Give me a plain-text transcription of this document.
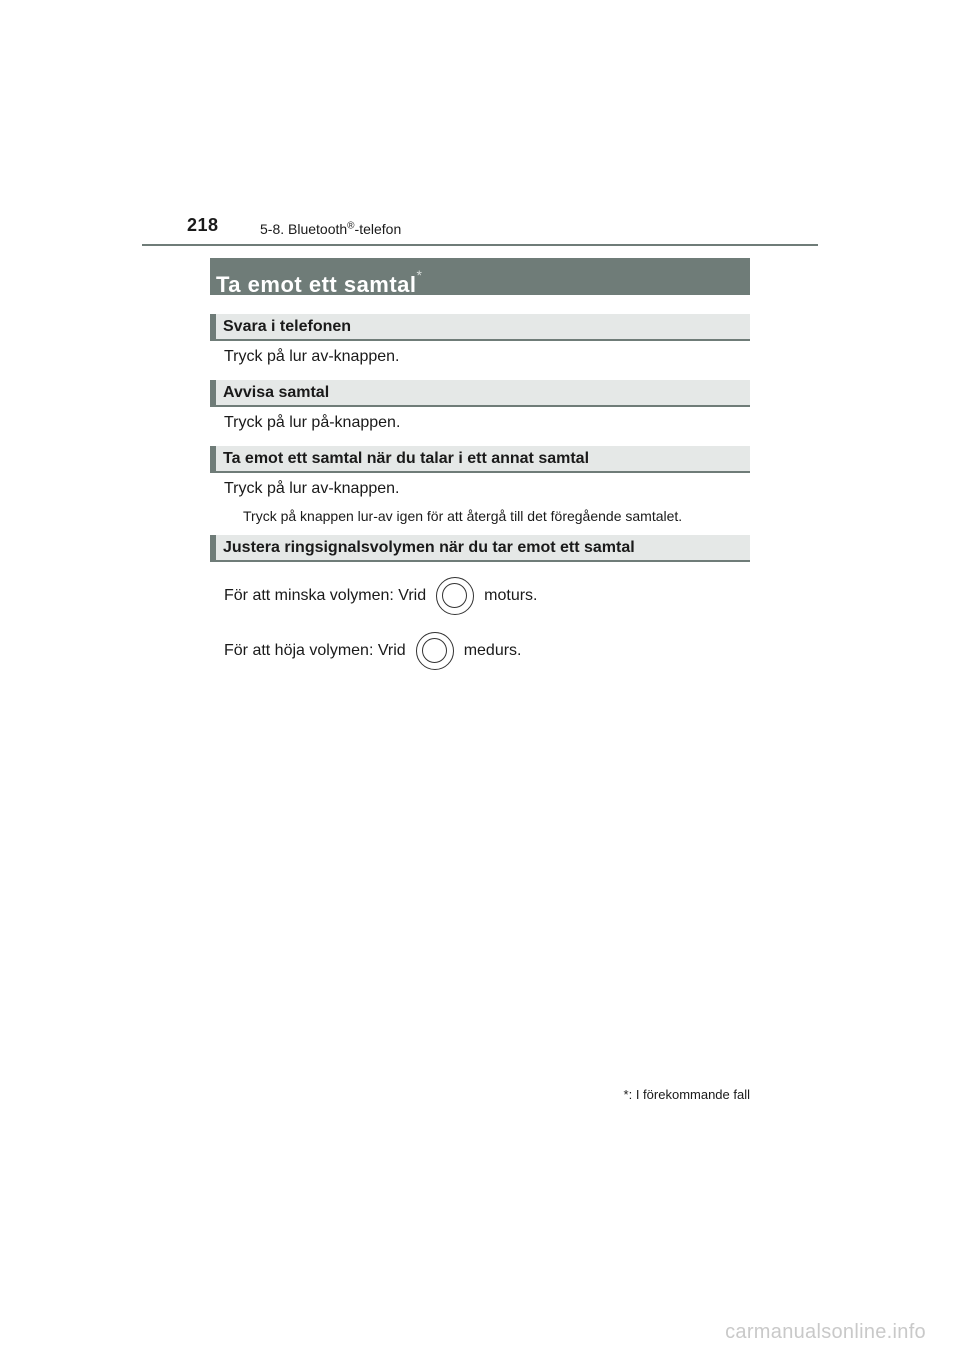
218	5-8. Bluetooth®-telefon
Ta emot ett samtal*
Svara i telefonen
Tryck på lur av-knappen.
Avvisa samtal
Tryck på lur på-knappen.
Ta emot ett samtal när du talar i ett annat samtal
Tryck på lur av-knappen.
Tryck på knappen lur-av igen för att återgå till det föregående samtalet.
Justera ringsignalsvolymen när du tar emot ett samtal
För att minska volymen: Vrid	moturs.
För att höja volymen: Vrid	medurs.
*: I förekommande fall
carmanualsonline.info
